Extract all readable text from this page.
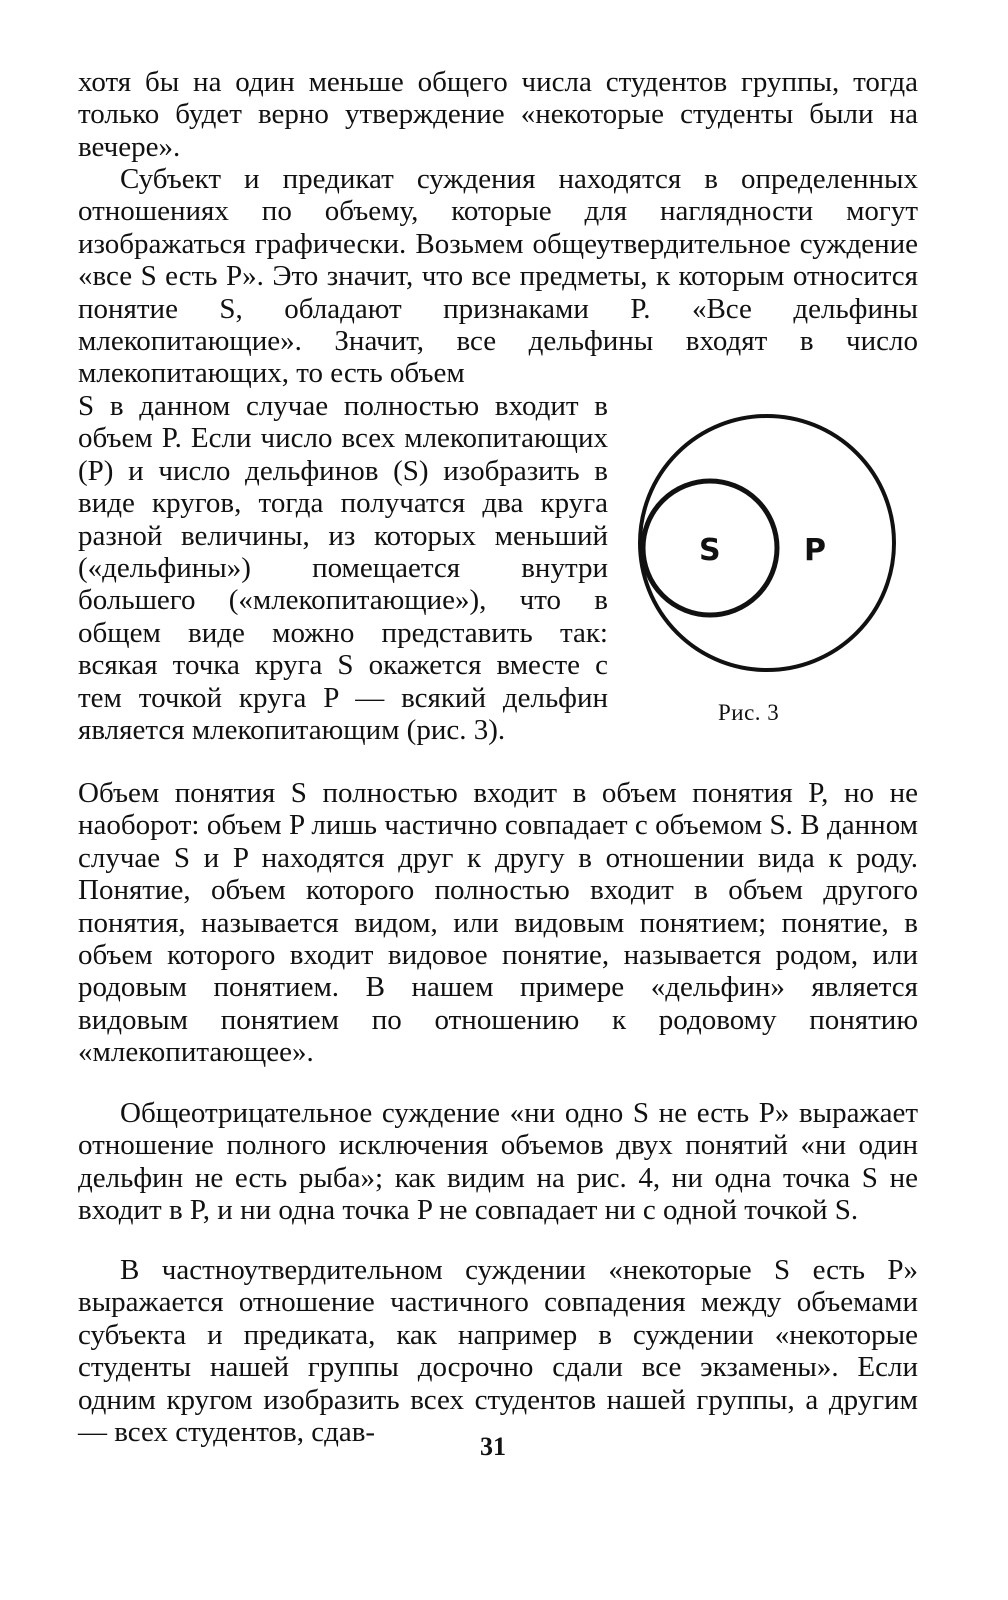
хотя бы на один меньше общего числа студентов группы, тогда только будет верно утверждение «некоторые студенты были на вечере».

Субъект и предикат суждения находятся в определенных отношениях по объему, которые для наглядности могут изображаться графически. Возьмем общеутвердительное суждение «все S есть P». Это значит, что все предметы, к которым относится понятие S, обладают признаками P. «Все дельфины млекопитающие». Значит, все дельфины входят в число млекопитающих, то есть объем

S в данном случае полностью входит в объем P. Если число всех млекопитающих (P) и число дельфинов (S) изобразить в виде кругов, тогда получатся два круга разной величины, из которых меньший («дельфины») помещается внутри большего («млекопитающие»), что в общем виде можно представить так: всякая точка круга S окажется вместе с тем точкой круга P — всякий дельфин является млекопитающим (рис. 3).

S	P
Рис. 3

Объем понятия S полностью входит в объем понятия P, но не наоборот: объем P лишь частично совпадает с объемом S. В данном случае S и P находятся друг к другу в отношении вида к роду. Понятие, объем которого полностью входит в объем другого понятия, называется видом, или видовым понятием; понятие, в объем которого входит видовое понятие, называется родом, или родовым понятием. В нашем примере «дельфин» является видовым понятием по отношению к родовому понятию «млекопитающее».

Общеотрицательное суждение «ни одно S не есть P» выражает отношение полного исключения объемов двух понятий «ни один дельфин не есть рыба»; как видим на рис. 4, ни одна точка S не входит в P, и ни одна точка P не совпадает ни с одной точкой S.

В частноутвердительном суждении «некоторые S есть P» выражается отношение частичного совпадения между объемами субъекта и предиката, как например в суждении «некоторые студенты нашей группы досрочно сдали все экзамены». Если одним кругом изобразить всех студентов нашей группы, а другим — всех студентов, сдав-	31
